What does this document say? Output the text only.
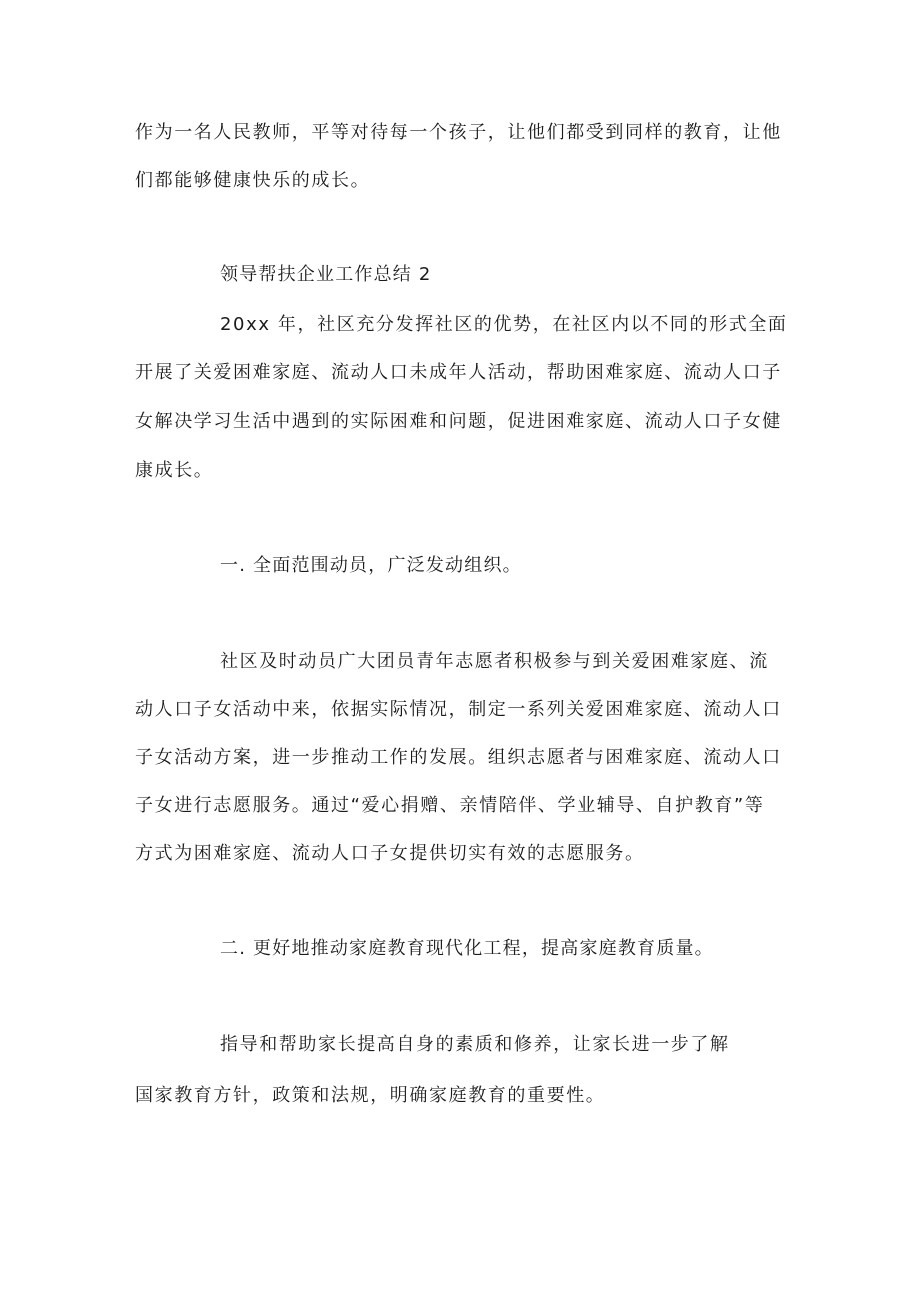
作为一名人民教师，平等对待每一个孩子，让他们都受到同样的教育，让他
们都能够健康快乐的成长。
领导帮扶企业工作总结 2
20xx 年，社区充分发挥社区的优势，在社区内以不同的形式全面
开展了关爱困难家庭、流动人口未成年人活动，帮助困难家庭、流动人口子
女解决学习生活中遇到的实际困难和问题，促进困难家庭、流动人口子女健
康成长。
一. 全面范围动员，广泛发动组织。
社区及时动员广大团员青年志愿者积极参与到关爱困难家庭、流
动人口子女活动中来，依据实际情况，制定一系列关爱困难家庭、流动人口
子女活动方案，进一步推动工作的发展。组织志愿者与困难家庭、流动人口
子女进行志愿服务。通过“爱心捐赠、亲情陪伴、学业辅导、自护教育”等
方式为困难家庭、流动人口子女提供切实有效的志愿服务。
二. 更好地推动家庭教育现代化工程，提高家庭教育质量。
指导和帮助家长提高自身的素质和修养，让家长进一步了解
国家教育方针，政策和法规，明确家庭教育的重要性。
